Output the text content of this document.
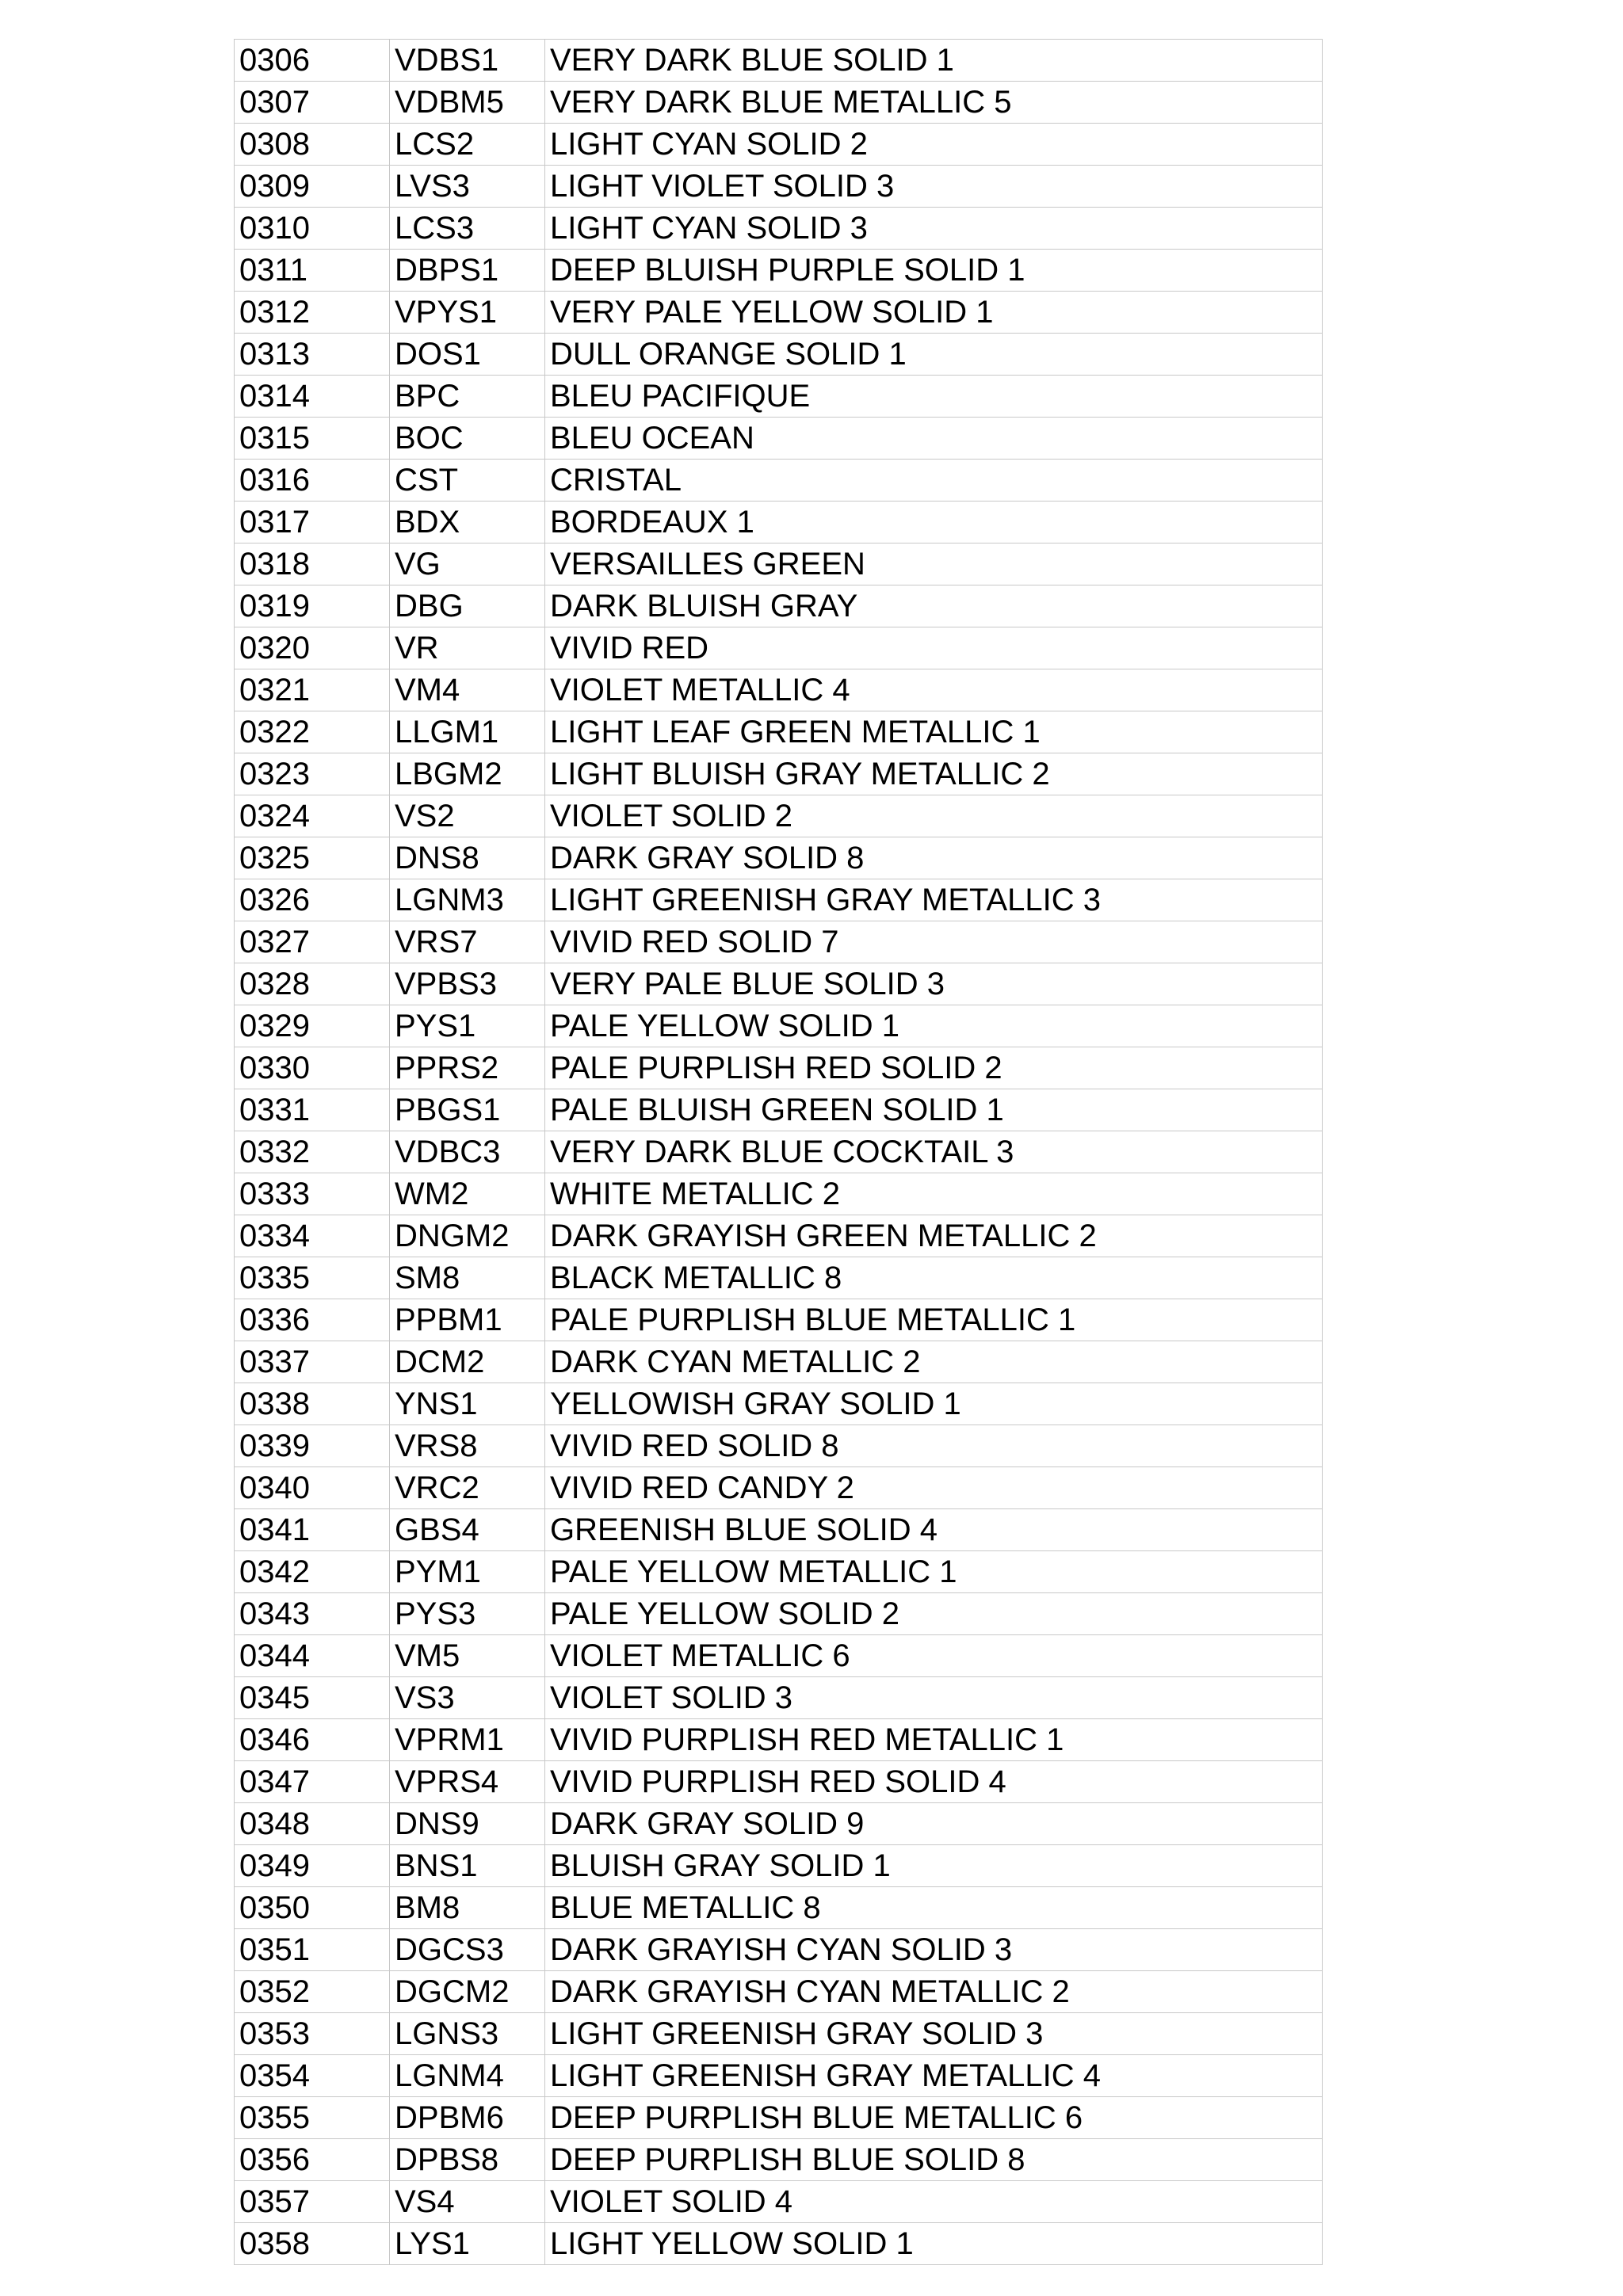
0306	VDBS1	VERY DARK BLUE SOLID 1
0307	VDBM5	VERY DARK BLUE METALLIC 5
0308	LCS2	LIGHT CYAN SOLID 2
0309	LVS3	LIGHT VIOLET SOLID 3
0310	LCS3	LIGHT CYAN SOLID 3
0311	DBPS1	DEEP BLUISH PURPLE SOLID 1
0312	VPYS1	VERY PALE YELLOW SOLID 1
0313	DOS1	DULL ORANGE SOLID 1
0314	BPC	BLEU PACIFIQUE
0315	BOC	BLEU OCEAN
0316	CST	CRISTAL
0317	BDX	BORDEAUX 1
0318	VG	VERSAILLES GREEN
0319	DBG	DARK BLUISH GRAY
0320	VR	VIVID RED
0321	VM4	VIOLET METALLIC 4
0322	LLGM1	LIGHT LEAF GREEN METALLIC 1
0323	LBGM2	LIGHT BLUISH GRAY METALLIC 2
0324	VS2	VIOLET SOLID 2
0325	DNS8	DARK GRAY SOLID 8
0326	LGNM3	LIGHT GREENISH GRAY METALLIC 3
0327	VRS7	VIVID RED SOLID 7
0328	VPBS3	VERY PALE BLUE SOLID 3
0329	PYS1	PALE YELLOW SOLID 1
0330	PPRS2	PALE PURPLISH RED SOLID 2
0331	PBGS1	PALE BLUISH GREEN SOLID 1
0332	VDBC3	VERY DARK BLUE COCKTAIL 3
0333	WM2	WHITE METALLIC 2
0334	DNGM2	DARK GRAYISH GREEN METALLIC 2
0335	SM8	BLACK METALLIC 8
0336	PPBM1	PALE PURPLISH BLUE METALLIC 1
0337	DCM2	DARK CYAN METALLIC 2
0338	YNS1	YELLOWISH GRAY SOLID 1
0339	VRS8	VIVID RED SOLID 8
0340	VRC2	VIVID RED CANDY 2
0341	GBS4	GREENISH BLUE SOLID 4
0342	PYM1	PALE YELLOW METALLIC 1
0343	PYS3	PALE YELLOW SOLID 2
0344	VM5	VIOLET METALLIC 6
0345	VS3	VIOLET SOLID 3
0346	VPRM1	VIVID PURPLISH RED METALLIC 1
0347	VPRS4	VIVID PURPLISH RED SOLID 4
0348	DNS9	DARK GRAY SOLID 9
0349	BNS1	BLUISH GRAY SOLID 1
0350	BM8	BLUE METALLIC 8
0351	DGCS3	DARK GRAYISH CYAN SOLID 3
0352	DGCM2	DARK GRAYISH CYAN METALLIC 2
0353	LGNS3	LIGHT GREENISH GRAY SOLID 3
0354	LGNM4	LIGHT GREENISH GRAY METALLIC 4
0355	DPBM6	DEEP PURPLISH BLUE METALLIC 6
0356	DPBS8	DEEP PURPLISH BLUE SOLID 8
0357	VS4	VIOLET SOLID 4
0358	LYS1	LIGHT YELLOW SOLID 1
